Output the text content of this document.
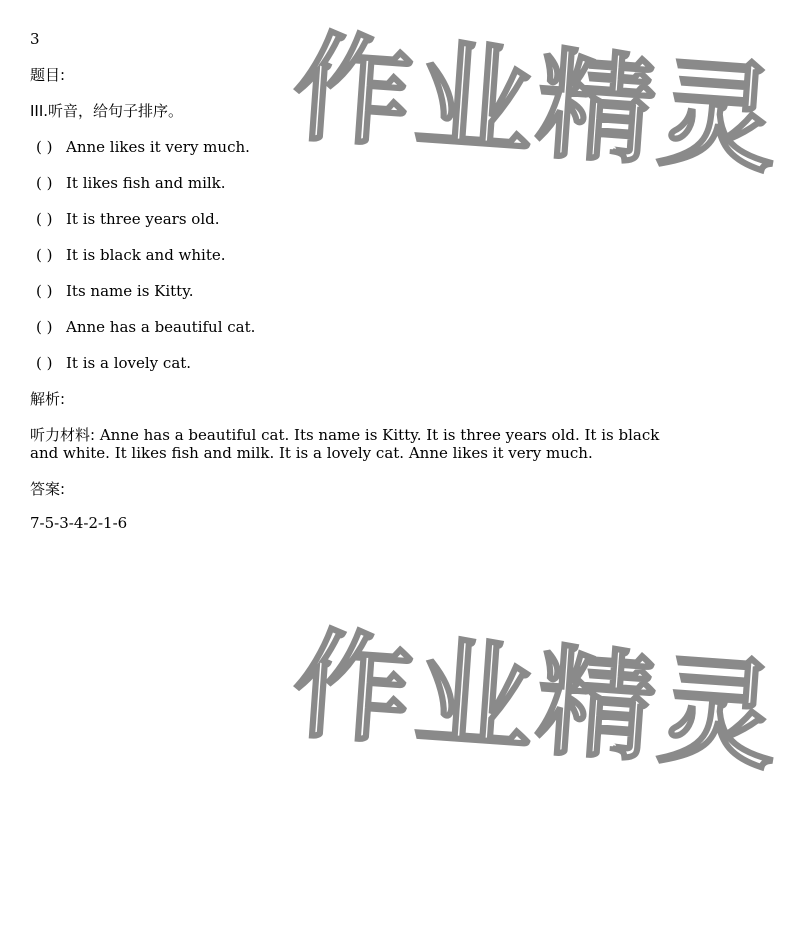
3
题目:
III.听音，给句子排序。
( ) Anne likes it very much.
( ) It likes fish and milk.
( ) It is three years old.
( ) It is black and white.
( ) Its name is Kitty.
( ) Anne has a beautiful cat.
( ) It is a lovely cat.
解析:
听力材料: Anne has a beautiful cat. Its name is Kitty. It is three years old. It is black and white. It likes fish and milk. It is a lovely cat. Anne likes it very much.
答案:
7-5-3-4-2-1-6
作业精灵
作业精灵
